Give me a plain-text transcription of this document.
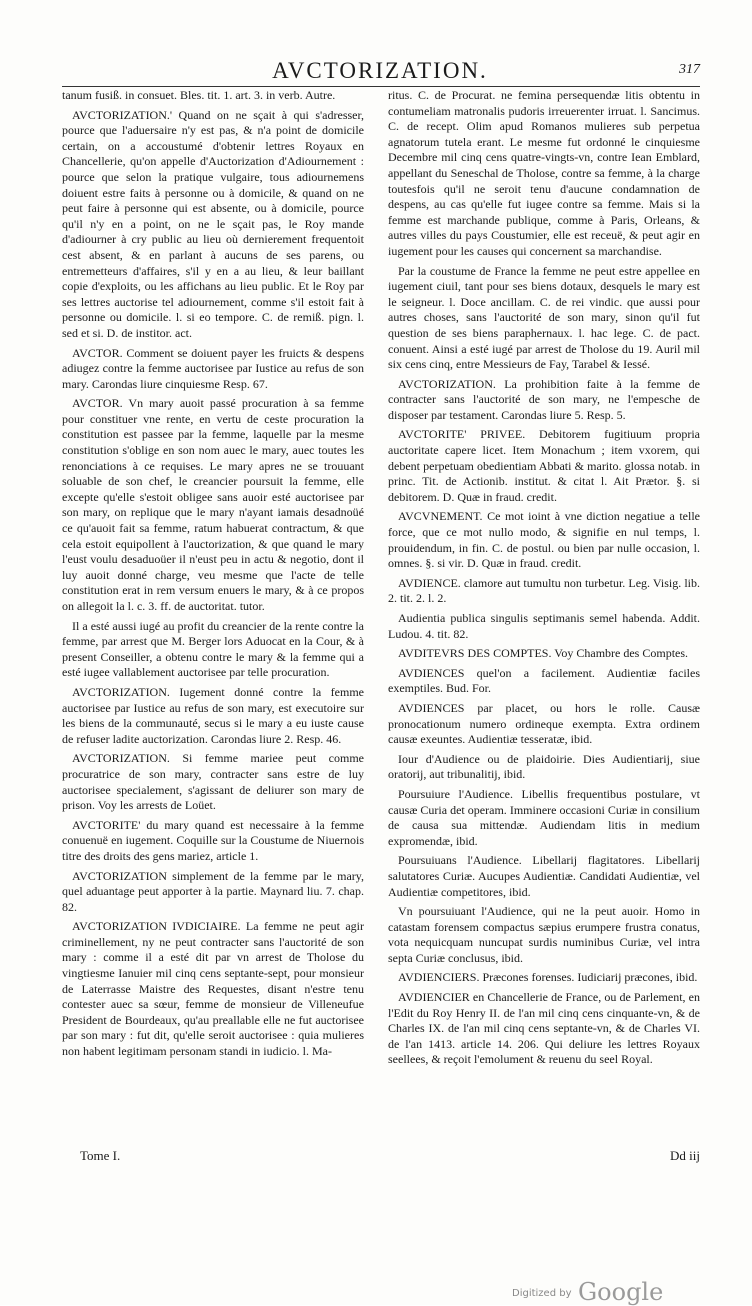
AVCTORIZATION.	317

tanum fusiß. in consuet. Bles. tit. 1. art. 3. in verb. Autre.

AVCTORIZATION.' Quand on ne sçait à qui s'adresser, pource que l'aduersaire n'y est pas, & n'a point de domicile certain, on a accoustumé d'obtenir lettres Royaux en Chancellerie, qu'on appelle d'Auctorization d'Adiournement : pource que selon la pratique vulgaire, tous adiournemens doiuent estre faits à personne ou à domicile, & quand on ne peut faire à personne qui est absente, ou à domicile, pource qu'il n'y en a point, on ne le sçait pas, le Roy mande d'adiourner à cry public au lieu où dernierement frequentoit cest absent, & en parlant à aucuns de ses parens, ou entremetteurs d'affaires, s'il y en a au lieu, & leur baillant copie d'exploits, ou les affichans au lieu public. Et le Roy par ses lettres auctorise tel adiournement, comme s'il estoit fait à personne ou domicile. l. si eo tempore. C. de remiß. pign. l. sed et si. D. de institor. act.

AVCTOR. Comment se doiuent payer les fruicts & despens adiugez contre la femme auctorisee par Iustice au refus de son mary. Carondas liure cinquiesme Resp. 67.

AVCTOR. Vn mary auoit passé procuration à sa femme pour constituer vne rente, en vertu de ceste procuration la constitution est passee par la femme, laquelle par la mesme constitution s'oblige en son nom auec le mary, auec toutes les renonciations à ce requises. Le mary apres ne se trouuant soluable de son chef, le creancier poursuit la femme, elle excepte qu'elle s'estoit obligee sans auoir esté auctorisee par son mary, on replique que le mary n'ayant iamais desadnoüé ce qu'auoit fait sa femme, ratum habuerat contractum, & que cela estoit equipollent à l'auctorization, & que quand le mary l'eust voulu desaduoüer il n'eust peu in actu & negotio, dont il luy auoit donné charge, veu mesme que l'acte de telle constitution erat in rem versum enuers le mary, & à ce propos on allegoit la l. c. 3. ff. de auctoritat. tutor.

Il a esté aussi iugé au profit du creancier de la rente contre la femme, par arrest que M. Berger lors Aduocat en la Cour, & à present Conseiller, a obtenu contre le mary & la femme qui a esté iugee vallablement auctorisee par telle procuration.

AVCTORIZATION. Iugement donné contre la femme auctorisee par Iustice au refus de son mary, est executoire sur les biens de la communauté, secus si le mary a eu iuste cause de refuser ladite auctorization. Carondas liure 2. Resp. 46.

AVCTORIZATION. Si femme mariee peut comme procuratrice de son mary, contracter sans estre de luy auctorisee specialement, s'agissant de deliurer son mary de prison. Voy les arrests de Loüet.

AVCTORITE' du mary quand est necessaire à la femme conuenuë en iugement. Coquille sur la Coustume de Niuernois titre des droits des gens mariez, article 1.

AVCTORIZATION simplement de la femme par le mary, quel aduantage peut apporter à la partie. Maynard liu. 7. chap. 82.

AVCTORIZATION IVDICIAIRE. La femme ne peut agir criminellement, ny ne peut contracter sans l'auctorité de son mary : comme il a esté dit par vn arrest de Tholose du vingtiesme Ianuier mil cinq cens septante-sept, pour monsieur de Laterrasse Maistre des Requestes, disant n'estre tenu contester auec sa sœur, femme de monsieur de Villeneufue President de Bourdeaux, qu'au preallable elle ne fut auctorisee par son mary : fut dit, qu'elle seroit auctorisee : quia mulieres non habent legitimam personam standi in iudicio. l. Ma-

ritus. C. de Procurat. ne femina persequendæ litis obtentu in contumeliam matronalis pudoris irreuerenter irruat. l. Sancimus. C. de recept. Olim apud Romanos mulieres sub perpetua agnatorum tutela erant. Le mesme fut ordonné le cinquiesme Decembre mil cinq cens quatre-vingts-vn, contre Iean Emblard, appellant du Seneschal de Tholose, contre sa femme, à la charge toutesfois qu'il ne seroit tenu d'aucune condamnation de despens, au cas qu'elle fut iugee contre sa femme. Mais si la femme est marchande publique, comme à Paris, Orleans, & autres villes du pays Coustumier, elle est receuë, & peut agir en iugement pour les causes qui concernent sa marchandise.

Par la coustume de France la femme ne peut estre appellee en iugement ciuil, tant pour ses biens dotaux, desquels le mary est le seigneur. l. Doce ancillam. C. de rei vindic. que aussi pour autres choses, sans l'auctorité de son mary, sinon qu'il fut question de ses biens paraphernaux. l. hac lege. C. de pact. conuent. Ainsi a esté iugé par arrest de Tholose du 19. Auril mil six cens cinq, entre Messieurs de Fay, Tarabel & Iessé.

AVCTORIZATION. La prohibition faite à la femme de contracter sans l'auctorité de son mary, ne l'empesche de disposer par testament. Carondas liure 5. Resp. 5.

AVCTORITE' PRIVEE. Debitorem fugitiuum propria auctoritate capere licet. Item Monachum ; item vxorem, qui debent perpetuam obedientiam Abbati & marito. glossa notab. in princ. Tit. de Actionib. institut. & citat l. Ait Prætor. §. si debitorem. D. Quæ in fraud. credit.

AVCVNEMENT. Ce mot ioint à vne diction negatiue a telle force, que ce mot nullo modo, & signifie en nul temps, l. prouidendum, in fin. C. de postul. ou bien par nulle occasion, l. omnes. §. si vir. D. Quæ in fraud. credit.

AVDIENCE. clamore aut tumultu non turbetur. Leg. Visig. lib. 2. tit. 2. l. 2.

Audientia publica singulis septimanis semel habenda. Addit. Ludou. 4. tit. 82.

AVDITEVRS DES COMPTES. Voy Chambre des Comptes.

AVDIENCES quel'on a facilement. Audientiæ faciles exemptiles. Bud. For.

AVDIENCES par placet, ou hors le rolle. Causæ pronocationum numero ordineque exempta. Extra ordinem causæ exeuntes. Audientiæ tesseratæ, ibid.

Iour d'Audience ou de plaidoirie. Dies Audientiarij, siue oratorij, aut tribunalitij, ibid.

Poursuiure l'Audience. Libellis frequentibus postulare, vt causæ Curia det operam. Imminere occasioni Curiæ in consilium de causa sua mittendæ. Audiendam litis in medium expromendæ, ibid.

Poursuiuans l'Audience. Libellarij flagitatores. Libellarij salutatores Curiæ. Aucupes Audientiæ. Candidati Audientiæ, vel Audientiæ competitores, ibid.

Vn poursuiuant l'Audience, qui ne la peut auoir. Homo in catastam forensem compactus sæpius erumpere frustra conatus, vota nequicquam nuncupat surdis numinibus Curiæ, vel intra septa Curiæ conclusus, ibid.

AVDIENCIERS. Præcones forenses. Iudiciarij præcones, ibid.

AVDIENCIER en Chancellerie de France, ou de Parlement, en l'Edit du Roy Henry II. de l'an mil cinq cens cinquante-vn, & de Charles IX. de l'an mil cinq cens septante-vn, & de Charles VI. de l'an 1413. article 14. 206. Qui deliure les lettres Royaux seellees, & reçoit l'emolument & reuenu du seel Royal.

Tome I.	Dd iij
Digitized by Google
